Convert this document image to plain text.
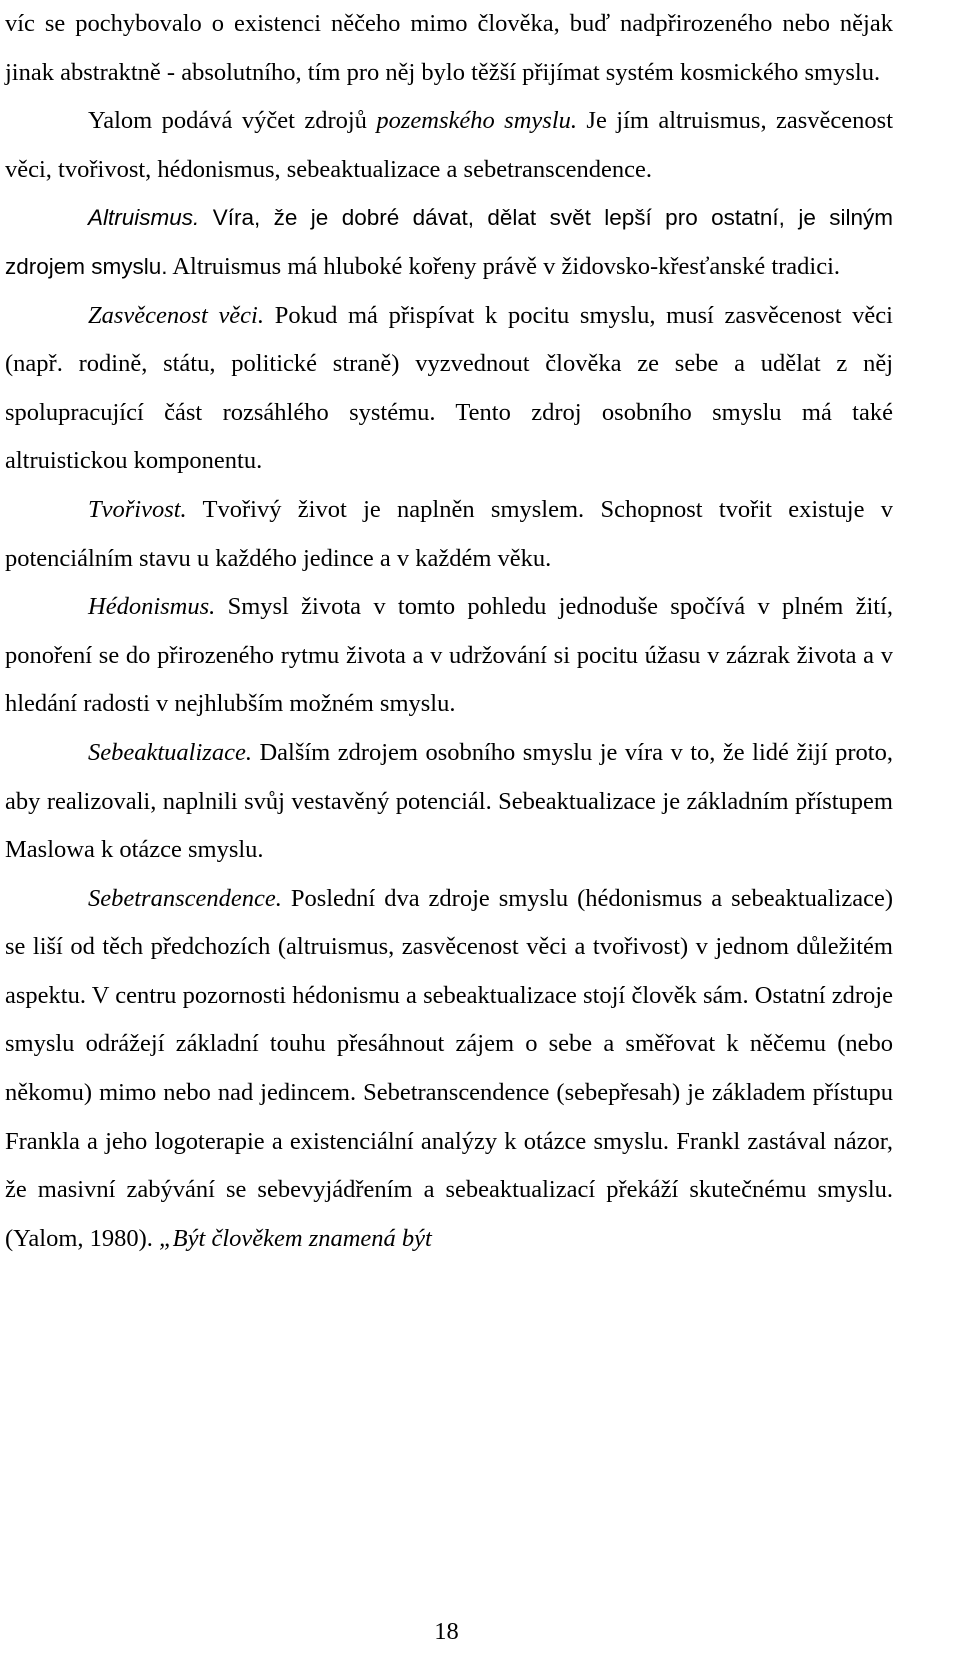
víc se pochybovalo o existenci něčeho mimo člověka, buď nadpřirozeného nebo nějak jinak abstraktně - absolutního, tím pro něj bylo těžší přijímat systém kosmického smyslu.

Yalom podává výčet zdrojů pozemského smyslu. Je jím altruismus, zasvěcenost věci, tvořivost, hédonismus, sebeaktualizace a sebetranscendence.

Altruismus. Víra, že je dobré dávat, dělat svět lepší pro ostatní, je silným zdrojem smyslu. Altruismus má hluboké kořeny právě v židovsko-křesťanské tradici.

Zasvěcenost věci. Pokud má přispívat k pocitu smyslu, musí zasvěcenost věci (např. rodině, státu, politické straně) vyzvednout člověka ze sebe a udělat z něj spolupracující část rozsáhlého systému. Tento zdroj osobního smyslu má také altruistickou komponentu.

Tvořivost. Tvořivý život je naplněn smyslem. Schopnost tvořit existuje v potenciálním stavu u každého jedince a v každém věku.

Hédonismus. Smysl života v tomto pohledu jednoduše spočívá v plném žití, ponoření se do přirozeného rytmu života a v udržování si pocitu úžasu v zázrak života a v hledání radosti v nejhlubším možném smyslu.

Sebeaktualizace. Dalším zdrojem osobního smyslu je víra v to, že lidé žijí proto, aby realizovali, naplnili svůj vestavěný potenciál. Sebeaktualizace je základním přístupem Maslowa k otázce smyslu.

Sebetranscendence. Poslední dva zdroje smyslu (hédonismus a sebeaktualizace) se liší od těch předchozích (altruismus, zasvěcenost věci a tvořivost) v jednom důležitém aspektu. V centru pozornosti hédonismu a sebeaktualizace stojí člověk sám. Ostatní zdroje smyslu odrážejí základní touhu přesáhnout zájem o sebe a směřovat k něčemu (nebo někomu) mimo nebo nad jedincem. Sebetranscendence (sebepřesah) je základem přístupu Frankla a jeho logoterapie a existenciální analýzy k otázce smyslu. Frankl zastával názor, že masivní zabývání se sebevyjádřením a sebeaktualizací překáží skutečnému smyslu. (Yalom, 1980). „Být člověkem znamená být

18
